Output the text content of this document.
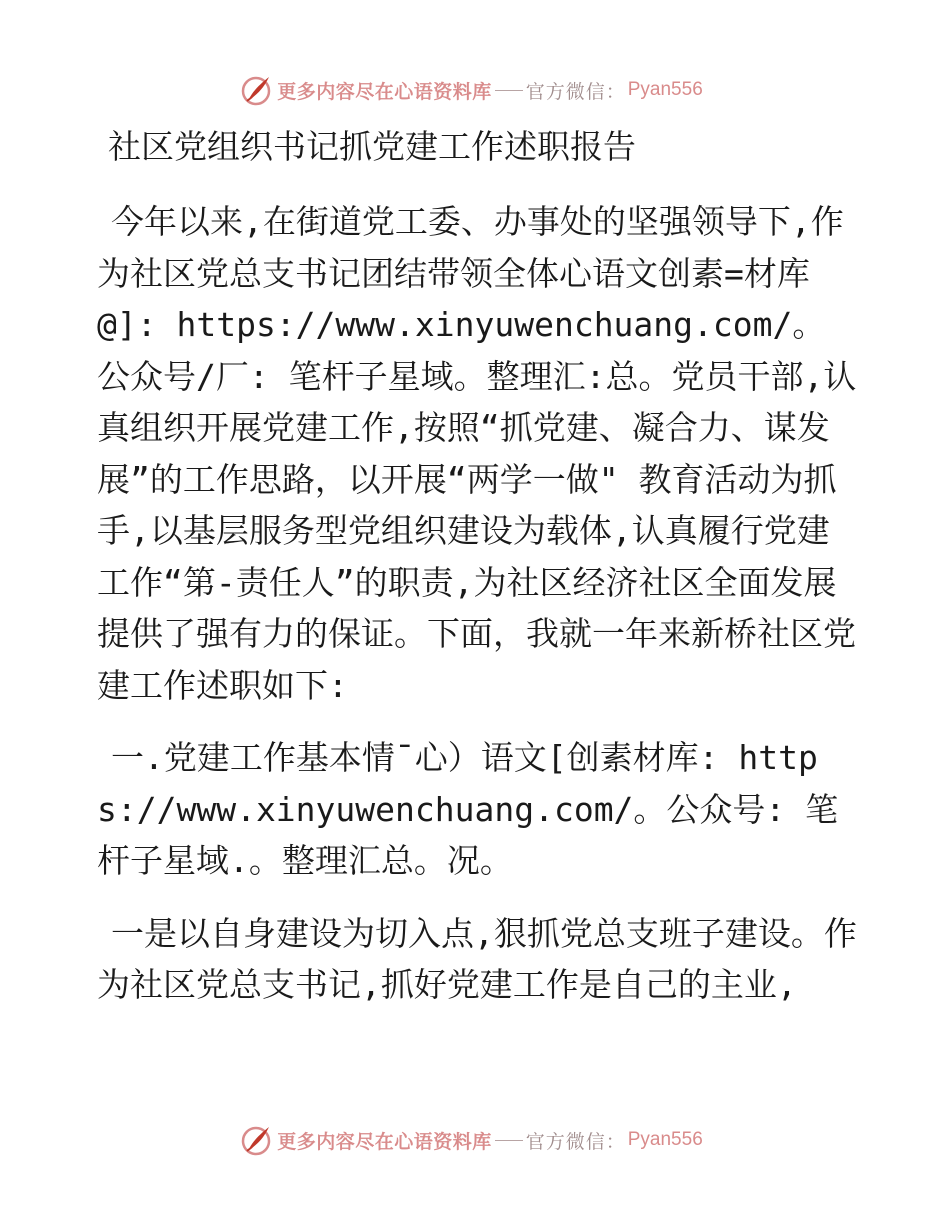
更多内容尽在心语资料库 官方微信： Pyan556
社区党组织书记抓党建工作述职报告

今年以来,在街道党工委、办事处的坚强领导下,作为社区党总支书记团结带领全体心语文创素=材库@]: https://www.xinyuwenchuang.com/。公众号/厂: 笔杆子星域。整理汇:总。党员干部,认真组织开展党建工作,按照“抓党建、凝合力、谋发展”的工作思路，以开展“两学一做" 教育活动为抓手,以基层服务型党组织建设为载体,认真履行党建工作“第-责任人”的职责,为社区经济社区全面发展提供了强有力的保证。下面，我就一年来新桥社区党建工作述职如下:

一.党建工作基本情¯心）语文[创素材库: https://www.xinyuwenchuang.com/。公众号: 笔杆子星域.。整理汇总。况。

一是以自身建设为切入点,狠抓党总支班子建设。作为社区党总支书记,抓好党建工作是自己的主业,

更多内容尽在心语资料库 官方微信： Pyan556
